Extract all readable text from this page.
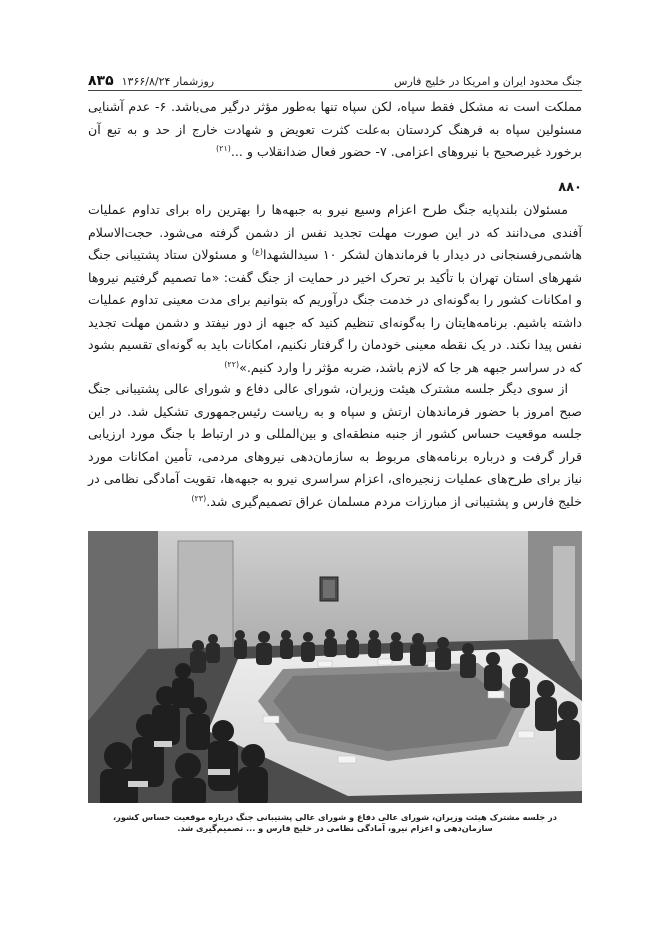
جنگ محدود ایران و امریکا در خلیج فارس
روزشمار ۱۳۶۶/۸/۲۴
۸۳۵

مملکت است نه مشکل فقط سپاه، لکن سپاه تنها به‌طور مؤثر درگیر می‌باشد. ۶- عدم آشنایی مسئولین سپاه به فرهنگ کردستان به‌علت کثرت تعویض و شهادت خارج از حد و به تبع آن برخورد غیرصحیح با نیروهای اعزامی. ۷- حضور فعال ضدانقلاب و ...$^{(۲۱)}$

۸۸۰

مسئولان بلندپایه جنگ طرح اعزام وسیع نیرو به جبهه‌ها را بهترین راه برای تداوم عملیات آفندی می‌دانند که در این صورت مهلت تجدید نفس از دشمن گرفته می‌شود. حجت‌الاسلام هاشمی‌رفسنجانی در دیدار با فرماندهان لشکر ۱۰ سیدالشهدا$^{(ع)}$ و مسئولان ستاد پشتیبانی جنگ شهرهای استان تهران با تأکید بر تحرک اخیر در حمایت از جنگ گفت: «ما تصمیم گرفتیم نیروها و امکانات کشور را به‌گونه‌ای در خدمت جنگ درآوریم که بتوانیم برای مدت معینی تداوم عملیات داشته باشیم. برنامه‌هایتان را به‌گونه‌ای تنظیم کنید که جبهه از دور نیفتد و دشمن مهلت تجدید نفس پیدا نکند. در یک نقطه معینی خودمان را گرفتار نکنیم، امکانات باید به گونه‌ای تقسیم بشود که در سراسر جبهه هر جا که لازم باشد، ضربه مؤثر را وارد کنیم.»$^{(۲۲)}$

از سوی دیگر جلسه مشترک هیئت وزیران، شورای عالی دفاع و شورای عالی پشتیبانی جنگ صبح امروز با حضور فرماندهان ارتش و سپاه و به ریاست رئیس‌جمهوری تشکیل شد. در این جلسه موقعیت حساس کشور از جنبه منطقه‌ای و بین‌المللی و در ارتباط با جنگ مورد ارزیابی قرار گرفت و درباره برنامه‌های مربوط به سازمان‌دهی نیروهای مردمی، تأمین امکانات مورد نیاز برای طرح‌های عملیات زنجیره‌ای، اعزام سراسری نیرو به جبهه‌ها، تقویت آمادگی نظامی در خلیج فارس و پشتیبانی از مبارزات مردم مسلمان عراق تصمیم‌گیری شد.$^{(۲۳)}$

در جلسه مشترک هیئت وزیران، شورای عالی دفاع و شورای عالی پشتیبانی جنگ درباره موقعیت حساس کشور، سازمان‌دهی و اعزام نیرو، آمادگی نظامی در خلیج فارس و ... تصمیم‌گیری شد.
